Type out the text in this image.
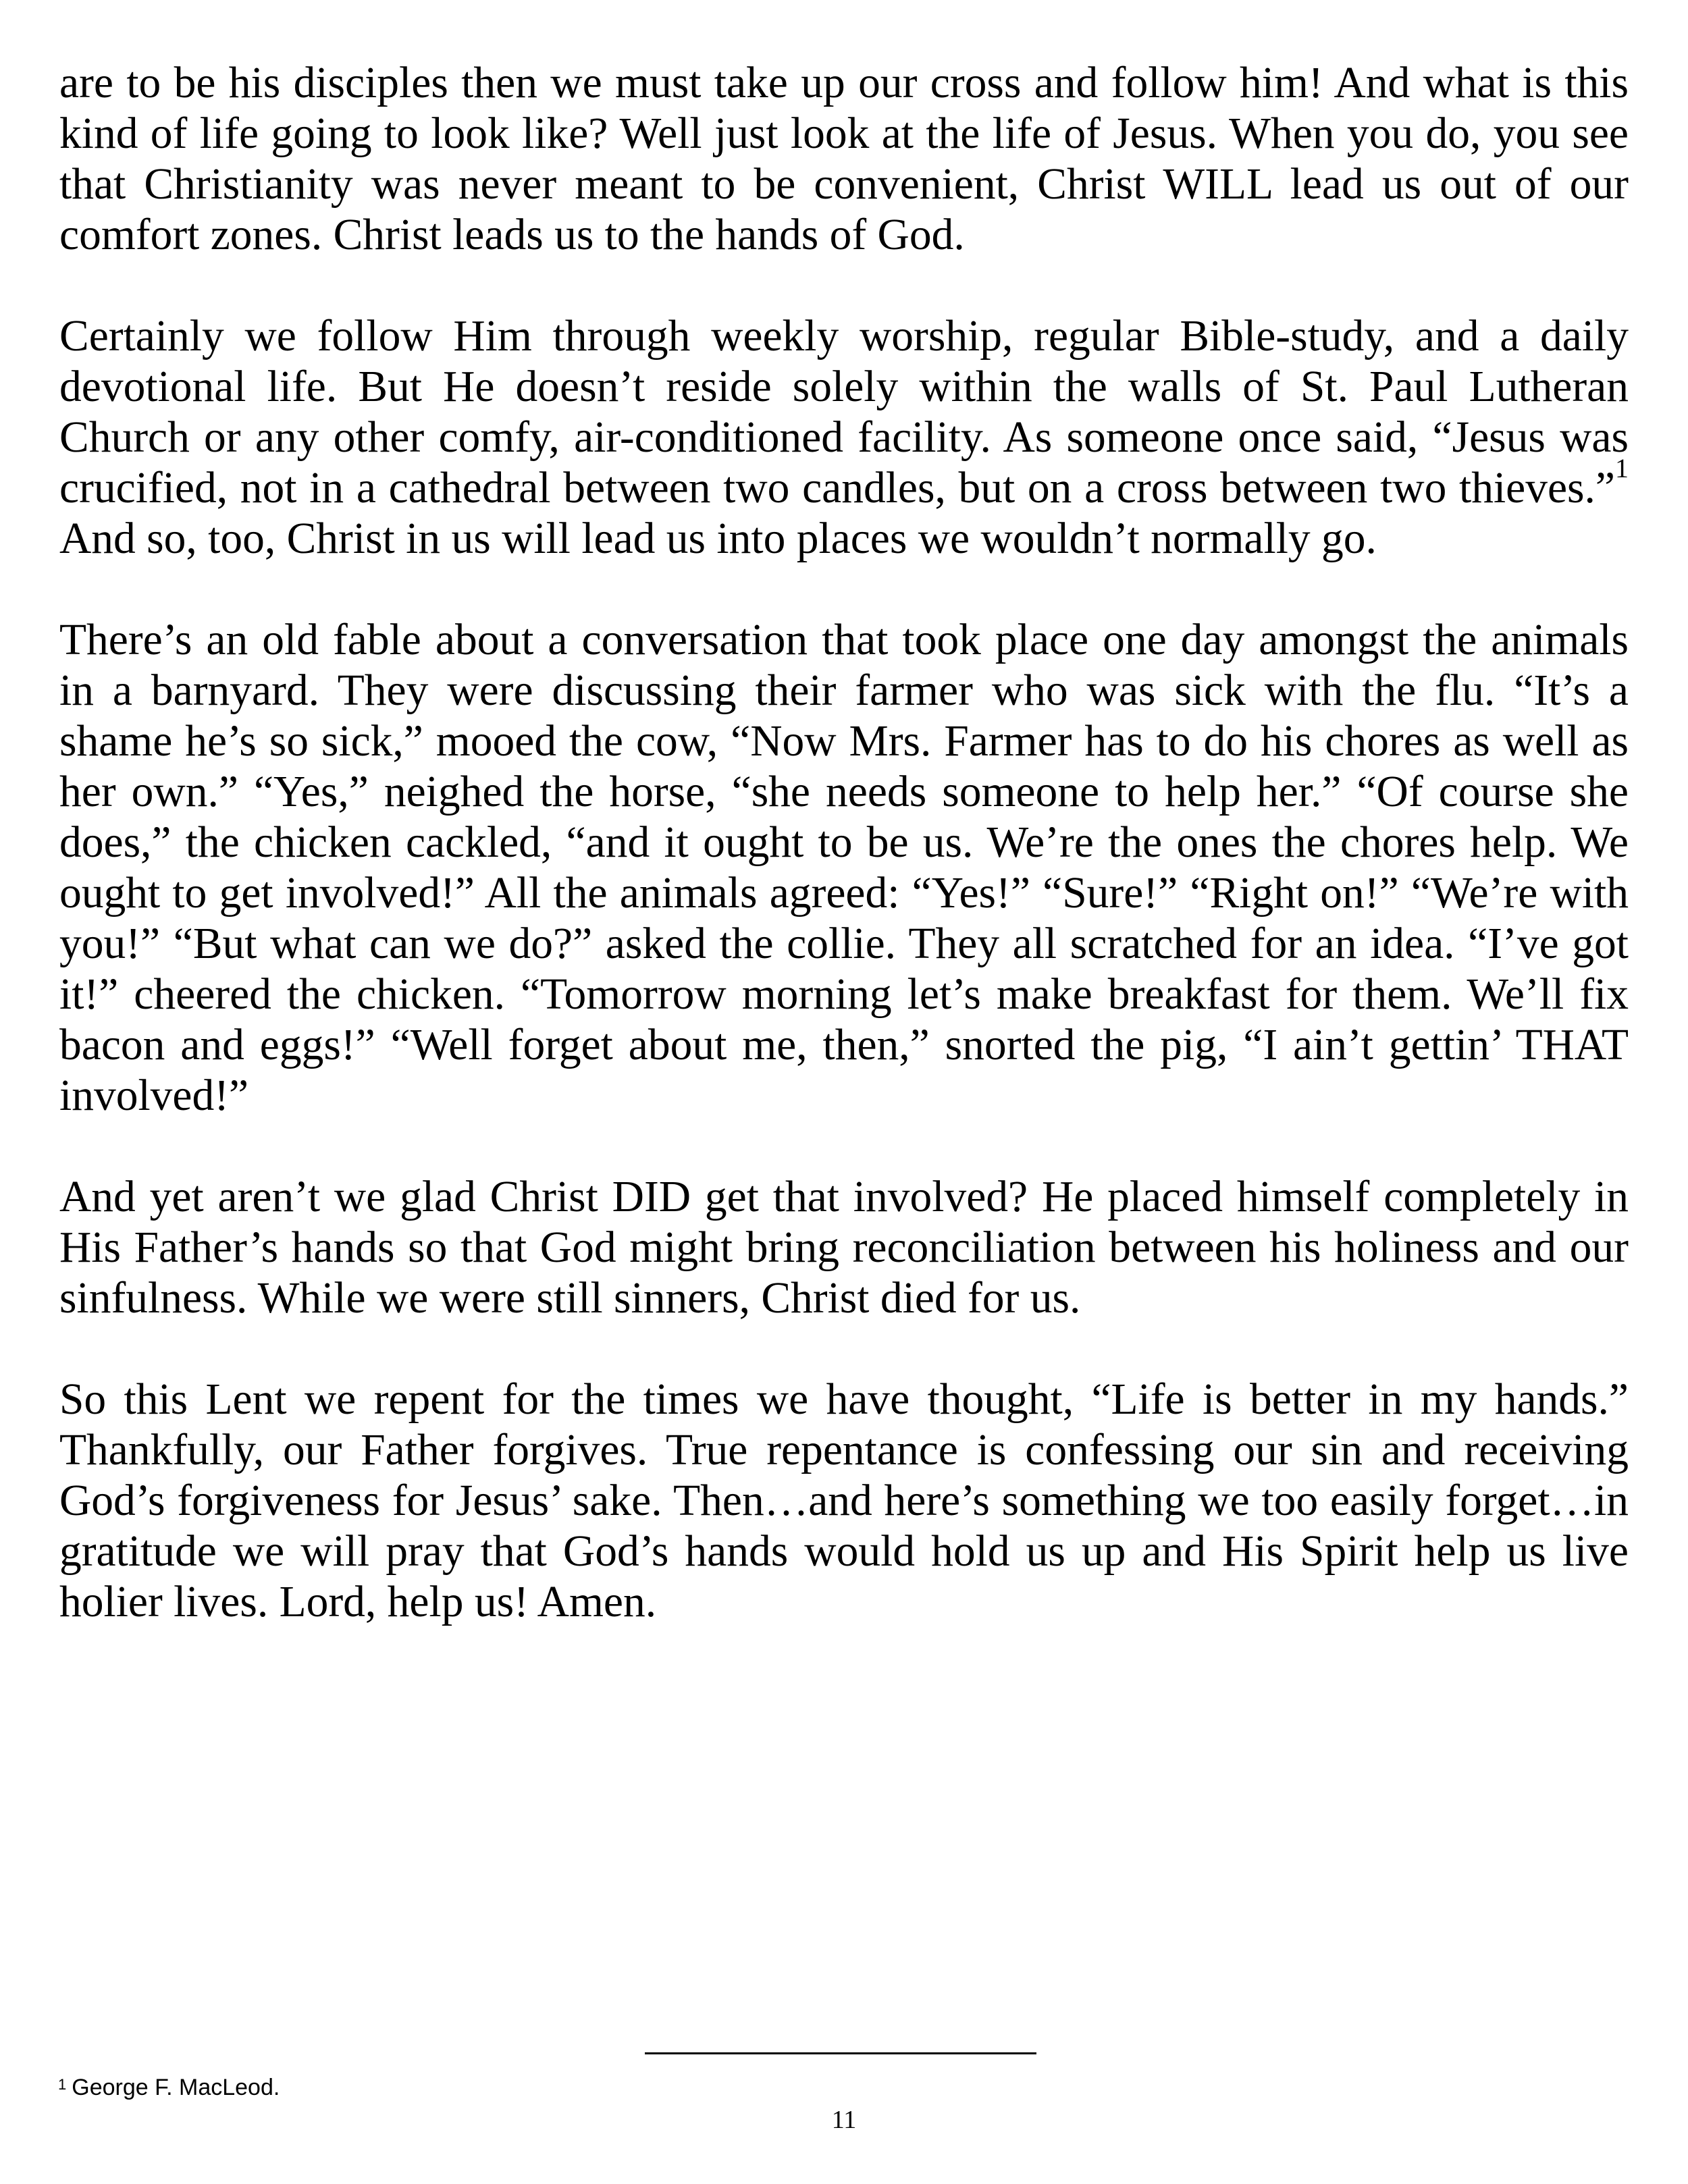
are to be his disciples then we must take up our cross and follow him! And what is this kind of life going to look like? Well just look at the life of Jesus. When you do, you see that Christianity was never meant to be convenient, Christ WILL lead us out of our comfort zones. Christ leads us to the hands of God.

Certainly we follow Him through weekly worship, regular Bible-study, and a daily devotional life. But He doesn’t reside solely within the walls of St. Paul Lutheran Church or any other comfy, air-conditioned facility. As someone once said, “Jesus was crucified, not in a cathedral between two candles, but on a cross between two thieves.”$^1$ And so, too, Christ in us will lead us into places we wouldn’t normally go.

There’s an old fable about a conversation that took place one day amongst the animals in a barnyard. They were discussing their farmer who was sick with the flu. “It’s a shame he’s so sick,” mooed the cow, “Now Mrs. Farmer has to do his chores as well as her own.” “Yes,” neighed the horse, “she needs someone to help her.” “Of course she does,” the chicken cackled, “and it ought to be us. We’re the ones the chores help. We ought to get involved!” All the animals agreed: “Yes!” “Sure!” “Right on!” “We’re with you!” “But what can we do?” asked the collie. They all scratched for an idea. “I’ve got it!” cheered the chicken. “Tomorrow morning let’s make breakfast for them. We’ll fix bacon and eggs!” “Well forget about me, then,” snorted the pig, “I ain’t gettin’ THAT involved!”

And yet aren’t we glad Christ DID get that involved? He placed himself completely in His Father’s hands so that God might bring reconciliation between his holiness and our sinfulness. While we were still sinners, Christ died for us.

So this Lent we repent for the times we have thought, “Life is better in my hands.” Thankfully, our Father forgives. True repentance is confessing our sin and receiving God’s forgiveness for Jesus’ sake. Then…and here’s something we too easily forget…in gratitude we will pray that God’s hands would hold us up and His Spirit help us live holier lives. Lord, help us! Amen.

$^1$ George F. MacLeod.
11
